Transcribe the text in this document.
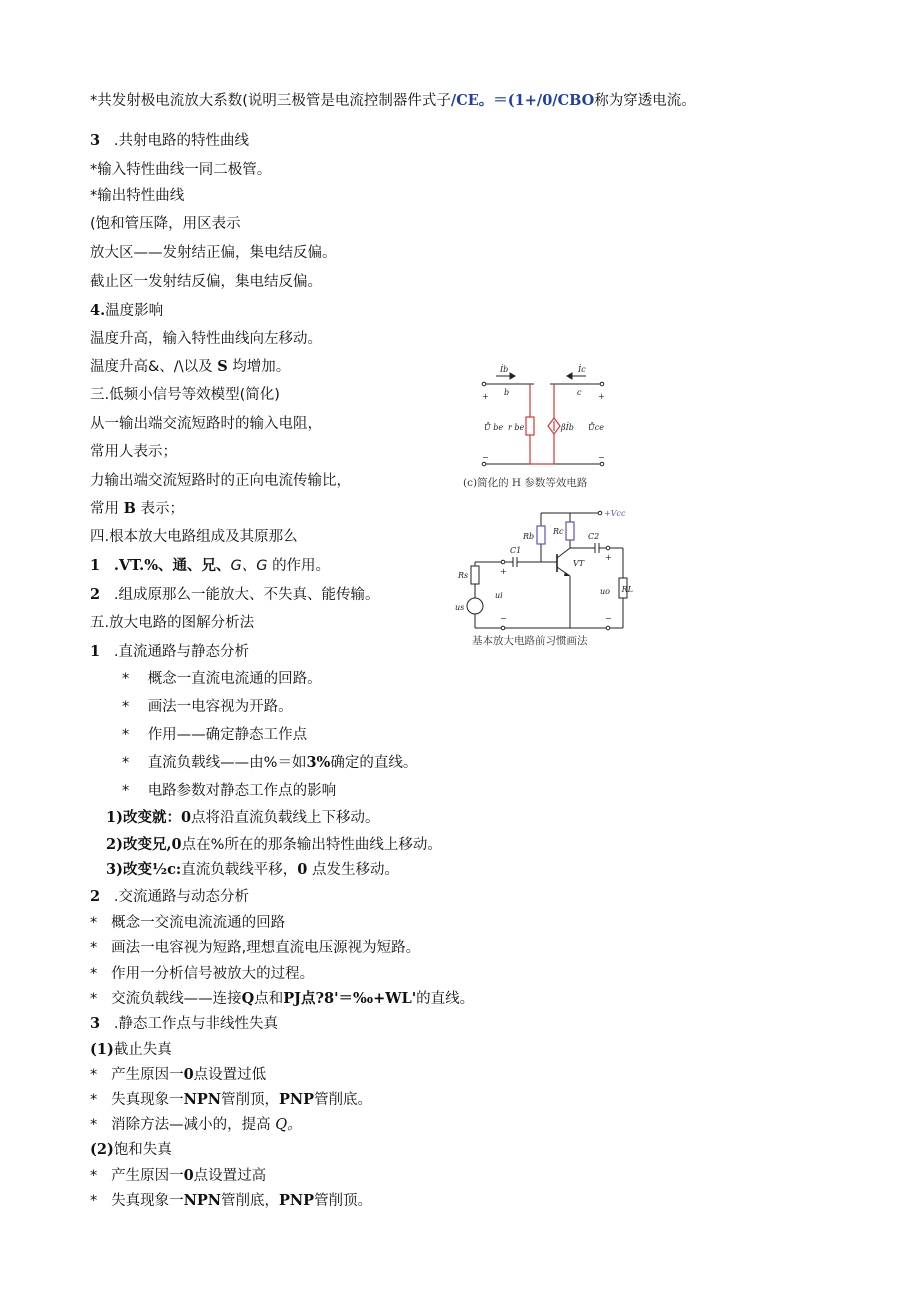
*共发射极电流放大系数(说明三极管是电流控制器件式子/CE。＝(1+/0/CBO称为穿透电流。
3 .共射电路的特性曲线
*输入特性曲线一同二极管。
*输出特性曲线
(饱和管压降，用区表示
放大区——发射结正偏，集电结反偏。
截止区一发射结反偏，集电结反偏。
4.温度影响
温度升高，输入特性曲线向左移动。
温度升高&、/\以及 S 均增加。
三.低频小信号等效模型(简化)
从一输出端交流短路时的输入电阻，
常用人表示；
力输出端交流短路时的正向电流传输比，
常用 B 表示；
四.根本放大电路组成及其原那么
1 .VT.%、通、兄、G、G 的作用。
2 .组成原那么一能放大、不失真、能传输。
五.放大电路的图解分析法
1 .直流通路与静态分析
* 概念一直流电流通的回路。
* 画法一电容视为开路。
* 作用——确定静态工作点
* 直流负载线——由%＝如3%确定的直线。
* 电路参数对静态工作点的影响
1)改变就：0点将沿直流负载线上下移动。
2)改变兄,0点在%所在的那条输出特性曲线上移动。
3)改变½c:直流负载线平移，0 点发生移动。
2 .交流通路与动态分析
* 概念一交流电流流通的回路
* 画法一电容视为短路,理想直流电压源视为短路。
* 作用一分析信号被放大的过程。
* 交流负载线——连接Q点和PJ点?8'＝‰+WL'的直线。
3 .静态工作点与非线性失真
(1)截止失真
* 产生原因一0点设置过低
* 失真现象一NPN管削顶，PNP管削底。
* 消除方法—减小的，提高 Q。
(2)饱和失真
* 产生原因一0点设置过高
* 失真现象一NPN管削底，PNP管削顶。
İb
b
İc
c
Ů be r be	βİb Ůce
+
−
+
−
(c)简化的 H 参数等效电路
+Vcc
Rb
Rc
C1
C2
VT
Rs
us
ui	uo RL
+
−
+
−
基本放大电路前习惯画法
